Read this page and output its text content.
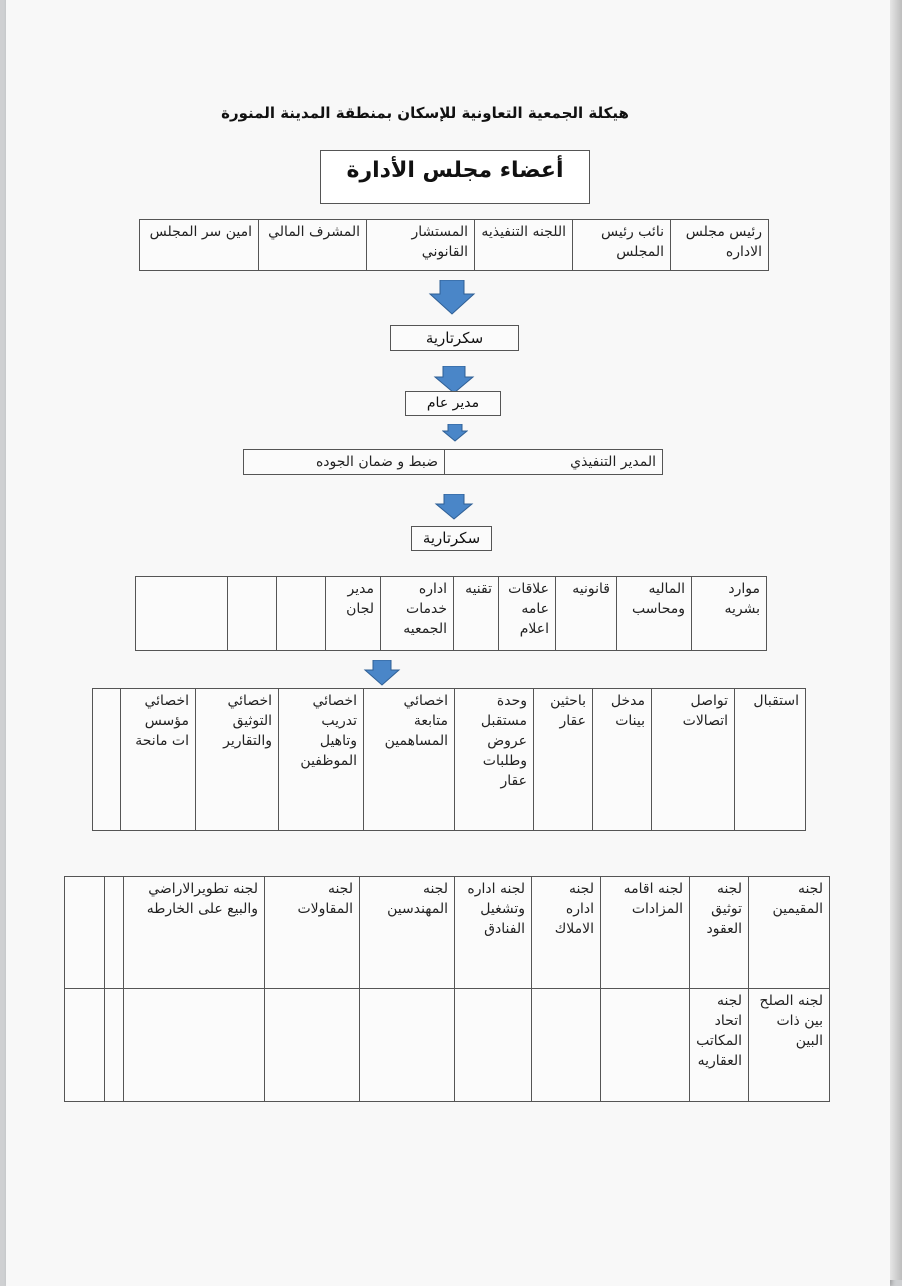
هيكلة الجمعية التعاونية للإسكان بمنطقة المدينة المنورة
أعضاء مجلس الأدارة
رئيس مجلس الاداره	نائب رئيس المجلس	اللجنه التنفيذيه	المستشار القانوني	المشرف المالي	امين سر المجلس
سكرتارية
مدير عام
المدير التنفيذي	ضبط و ضمان الجوده
سكرتارية
موارد بشريه	الماليه ومحاسب	قانونيه	علاقات عامه اعلام	تقنيه	اداره خدمات الجمعيه	مدير لجان			
استقبال	تواصل اتصالات	مدخل بينات	باحثين عقار	وحدة مستقبل عروض وطلبات عقار	اخصائي متابعة المساهمين	اخصائي تدريب وتاهيل الموظفين	اخصائي التوثيق والتقارير	اخصائي مؤسس ات مانحة	
لجنه المقيمين	لجنه توثيق العقود	لجنه اقامه المزادات	لجنه اداره الاملاك	لجنه اداره وتشغيل الفنادق	لجنه المهندسين	لجنه المقاولات	لجنه تطويرالاراضي والبيع على الخارطه		
لجنه الصلح بين ذات البين	لجنه اتحاد المكاتب العقاريه								
